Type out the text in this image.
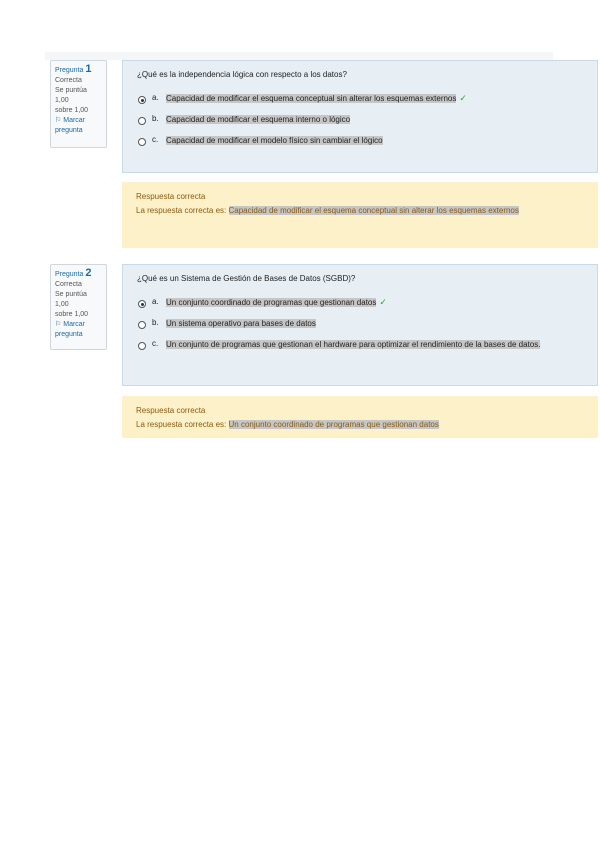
Pregunta 1
Correcta
Se puntúa 1,00
sobre 1,00
⚐ Marcar
pregunta
¿Qué es la independencia lógica con respecto a los datos?
a. Capacidad de modificar el esquema conceptual sin alterar los esquemas externos ✓
b. Capacidad de modificar el esquema interno o lógico
c. Capacidad de modificar el modelo físico sin cambiar el lógico
Respuesta correcta
La respuesta correcta es: Capacidad de modificar el esquema conceptual sin alterar los esquemas externos
Pregunta 2
Correcta
Se puntúa 1,00
sobre 1,00
⚐ Marcar
pregunta
¿Qué es un Sistema de Gestión de Bases de Datos (SGBD)?
a. Un conjunto coordinado de programas que gestionan datos ✓
b. Un sistema operativo para bases de datos
c. Un conjunto de programas que gestionan el hardware para optimizar el rendimiento de la bases de datos.
Respuesta correcta
La respuesta correcta es: Un conjunto coordinado de programas que gestionan datos
